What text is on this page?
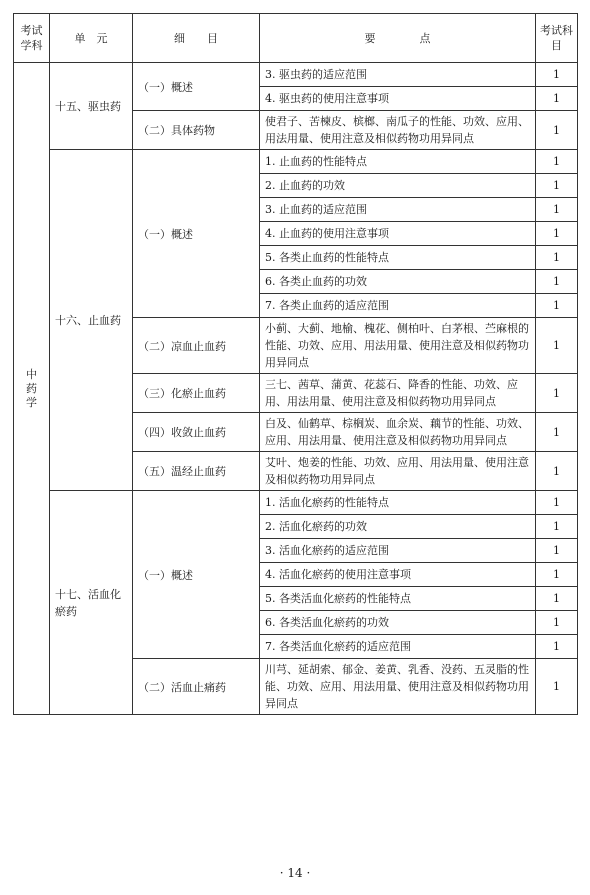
考试学科	单　元	细　　目	要　　　　点	考试科目
中药学	十五、驱虫药	（一）概述	3. 驱虫药的适应范围	1
			4. 驱虫药的使用注意事项	1
		（二）具体药物	使君子、苦楝皮、槟榔、南瓜子的性能、功效、应用、用法用量、使用注意及相似药物功用异同点	1
	十六、止血药	（一）概述	1. 止血药的性能特点	1
			2. 止血药的功效	1
			3. 止血药的适应范围	1
			4. 止血药的使用注意事项	1
			5. 各类止血药的性能特点	1
			6. 各类止血药的功效	1
			7. 各类止血药的适应范围	1
		（二）凉血止血药	小蓟、大蓟、地榆、槐花、侧柏叶、白茅根、苎麻根的性能、功效、应用、用法用量、使用注意及相似药物功用异同点	1
		（三）化瘀止血药	三七、茜草、蒲黄、花蕊石、降香的性能、功效、应用、用法用量、使用注意及相似药物功用异同点	1
		（四）收敛止血药	白及、仙鹤草、棕榈炭、血余炭、藕节的性能、功效、应用、用法用量、使用注意及相似药物功用异同点	1
		（五）温经止血药	艾叶、炮姜的性能、功效、应用、用法用量、使用注意及相似药物功用异同点	1
	十七、活血化瘀药	（一）概述	1. 活血化瘀药的性能特点	1
			2. 活血化瘀药的功效	1
			3. 活血化瘀药的适应范围	1
			4. 活血化瘀药的使用注意事项	1
			5. 各类活血化瘀药的性能特点	1
			6. 各类活血化瘀药的功效	1
			7. 各类活血化瘀药的适应范围	1
		（二）活血止痛药	川芎、延胡索、郁金、姜黄、乳香、没药、五灵脂的性能、功效、应用、用法用量、使用注意及相似药物功用异同点	1
· 14 ·
